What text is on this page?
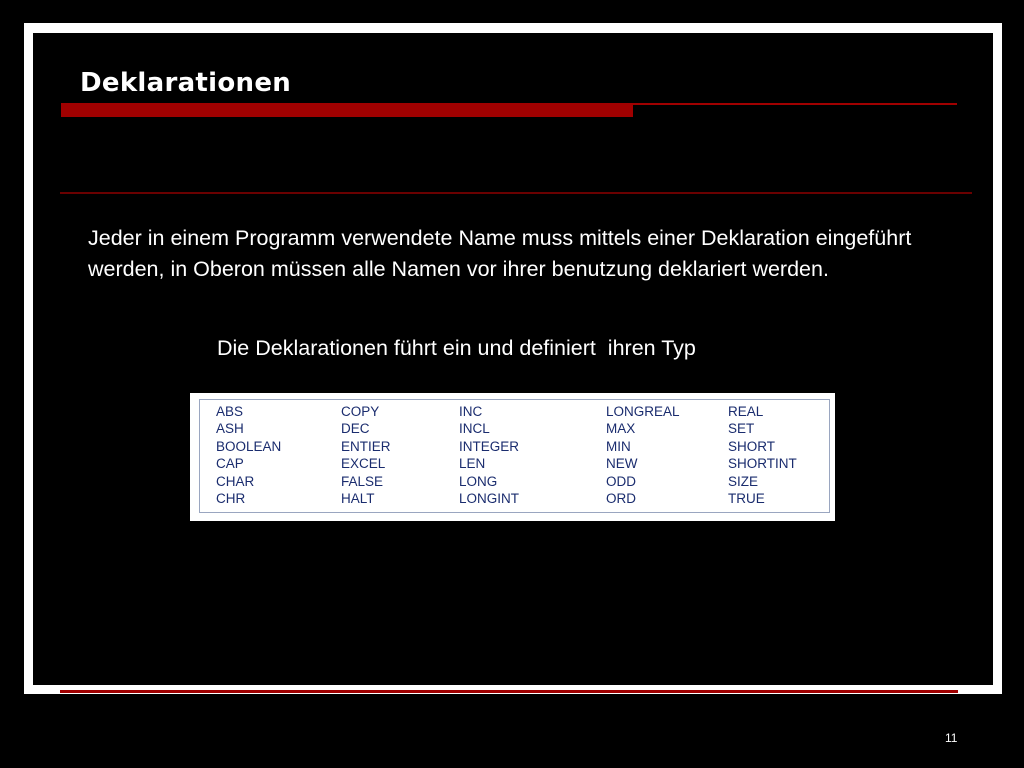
Deklarationen

Jeder in einem Programm verwendete Name muss mittels einer Deklaration eingeführt werden, in Oberon müssen alle Namen vor ihrer benutzung deklariert werden.

Die Deklarationen führt ein und definiert  ihren Typ

ABS
ASH
BOOLEAN
CAP
CHAR
CHR
COPY
DEC
ENTIER
EXCEL
FALSE
HALT
INC
INCL
INTEGER
LEN
LONG
LONGINT
LONGREAL
MAX
MIN
NEW
ODD
ORD
REAL
SET
SHORT
SHORTINT
SIZE
TRUE
11
